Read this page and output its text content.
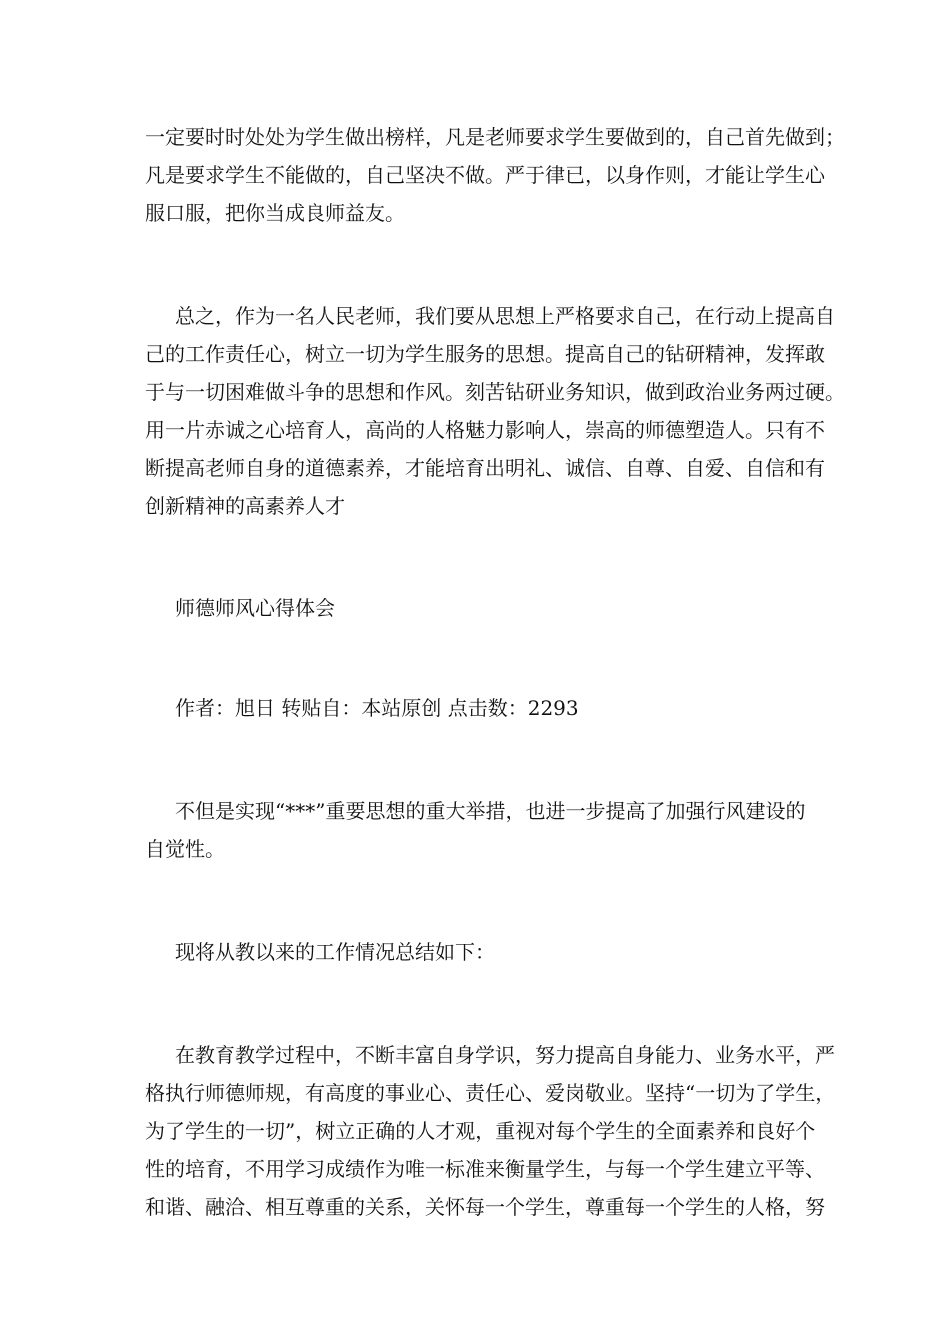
一定要时时处处为学生做出榜样，凡是老师要求学生要做到的，自己首先做到；
凡是要求学生不能做的，自己坚决不做。严于律已，以身作则，才能让学生心
服口服，把你当成良师益友。
总之，作为一名人民老师，我们要从思想上严格要求自己，在行动上提高自
己的工作责任心，树立一切为学生服务的思想。提高自己的钻研精神，发挥敢
于与一切困难做斗争的思想和作风。刻苦钻研业务知识，做到政治业务两过硬。
用一片赤诚之心培育人，高尚的人格魅力影响人，崇高的师德塑造人。只有不
断提高老师自身的道德素养，才能培育出明礼、诚信、自尊、自爱、自信和有
创新精神的高素养人才
师德师风心得体会
作者：旭日 转贴自：本站原创 点击数：2293
不但是实现“***”重要思想的重大举措，也进一步提高了加强行风建设的
自觉性。
现将从教以来的工作情况总结如下：
在教育教学过程中，不断丰富自身学识，努力提高自身能力、业务水平，严
格执行师德师规，有高度的事业心、责任心、爱岗敬业。坚持“一切为了学生，
为了学生的一切”，树立正确的人才观，重视对每个学生的全面素养和良好个
性的培育，不用学习成绩作为唯一标准来衡量学生，与每一个学生建立平等、
和谐、融洽、相互尊重的关系，关怀每一个学生，尊重每一个学生的人格，努
